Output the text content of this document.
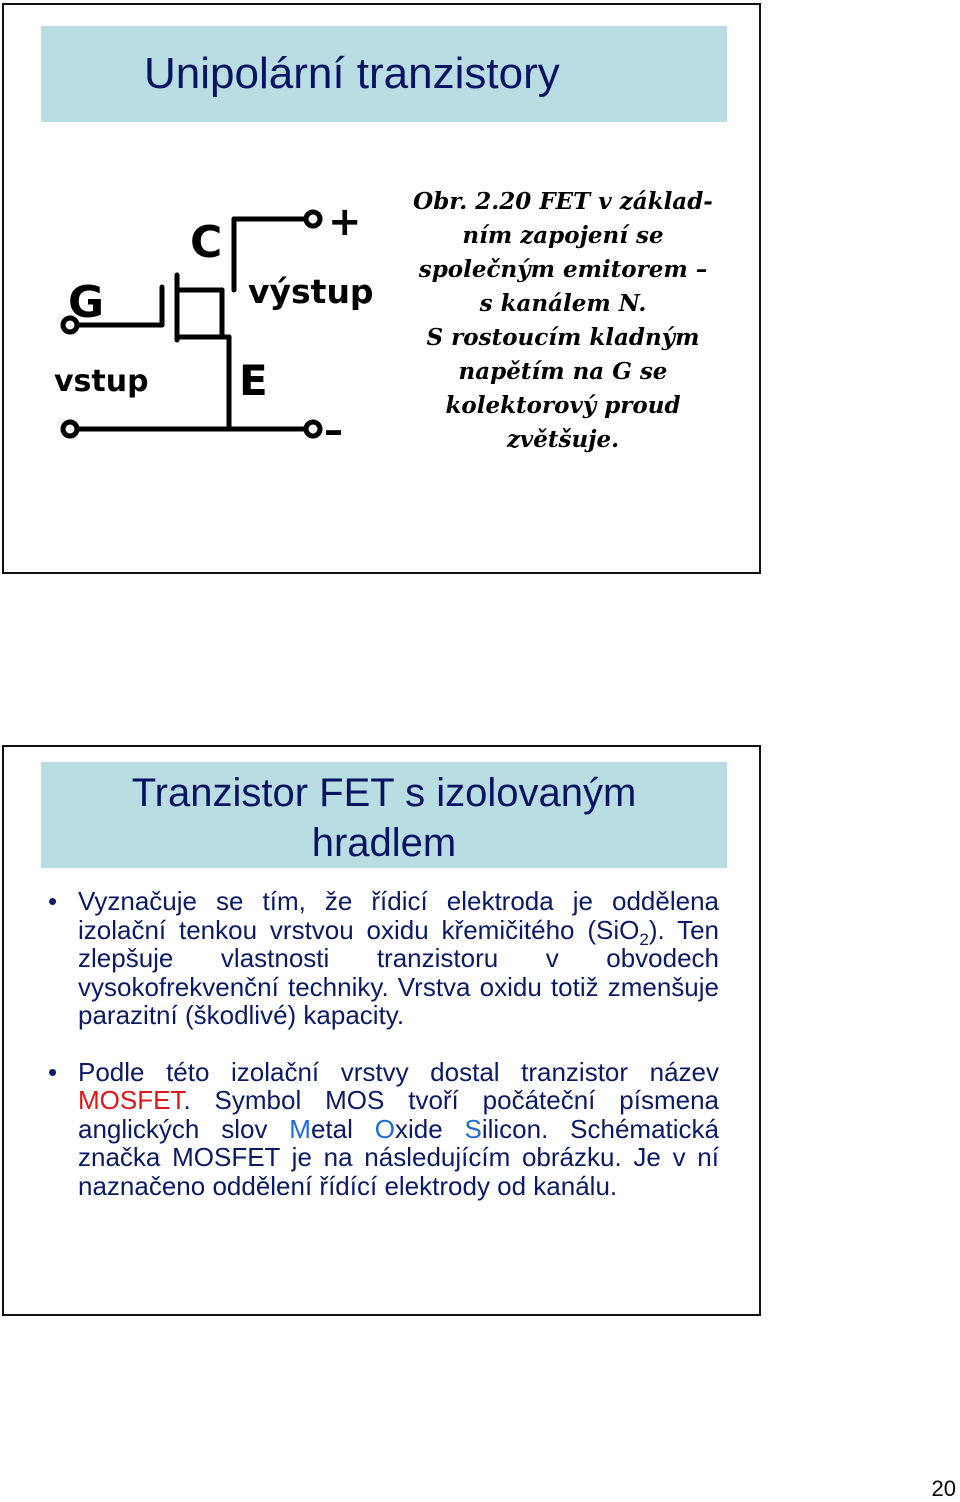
Unipolární tranzistory
C
G
E
+
–
výstup
vstup
Obr. 2.20 FET v základ-
ním zapojení se
společným emitorem –
s kanálem N.
S rostoucím kladným
napětím na G se
kolektorový proud
zvětšuje.
Tranzistor FET s izolovaným
hradlem
• Vyznačuje se tím, že řídicí elektroda je oddělena izolační tenkou vrstvou oxidu křemičitého (SiO$_2$). Ten zlepšuje vlastnosti tranzistoru v obvodech vysokofrekvenční techniky. Vrstva oxidu totiž zmenšuje parazitní (škodlivé) kapacity.
• Podle této izolační vrstvy dostal tranzistor název MOSFET. Symbol MOS tvoří počáteční písmena anglických slov Metal Oxide Silicon. Schématická značka MOSFET je na následujícím obrázku. Je v ní naznačeno oddělení řídící elektrody od kanálu.
20
